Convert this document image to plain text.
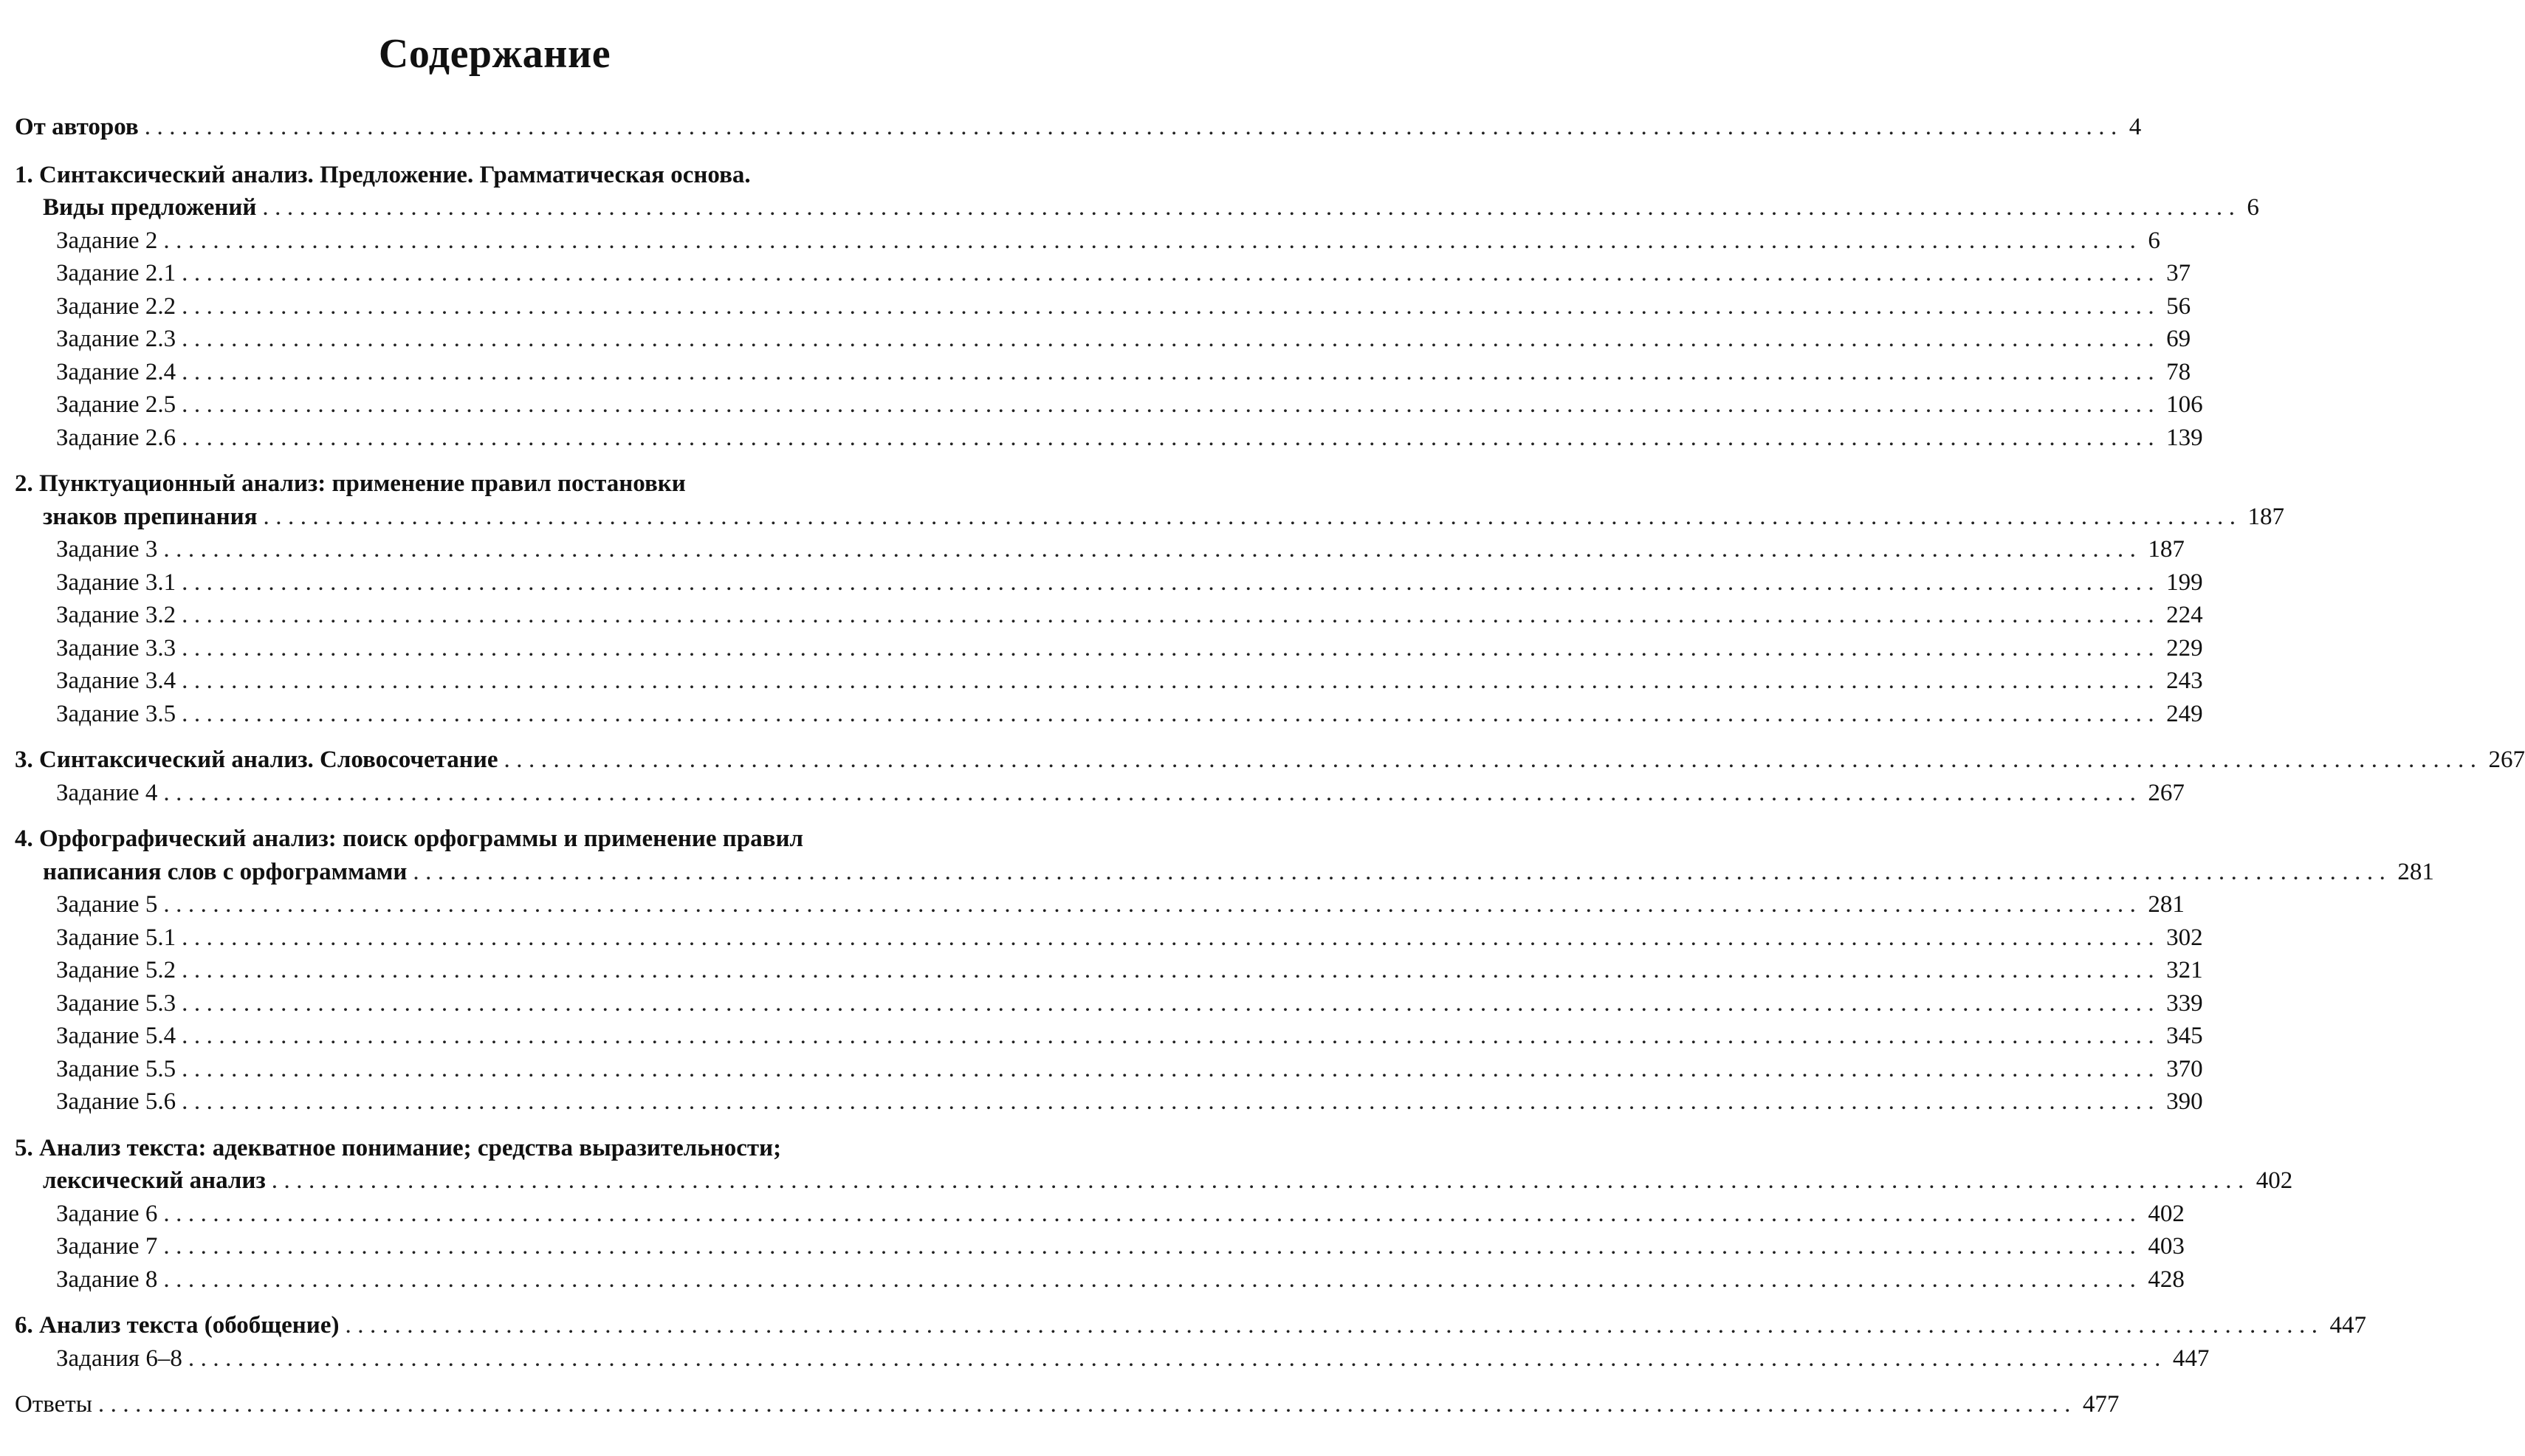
Содержание
От авторов ................................................................................................................................................................ 4
1. Синтаксический анализ. Предложение. Грамматическая основа.
Виды предложений ................................................................................................................................................................ 6
Задание 2 ................................................................................................................................................................ 6
Задание 2.1 ................................................................................................................................................................ 37
Задание 2.2 ................................................................................................................................................................ 56
Задание 2.3 ................................................................................................................................................................ 69
Задание 2.4 ................................................................................................................................................................ 78
Задание 2.5 ................................................................................................................................................................ 106
Задание 2.6 ................................................................................................................................................................ 139
2. Пунктуационный анализ: применение правил постановки
знаков препинания ................................................................................................................................................................ 187
Задание 3 ................................................................................................................................................................ 187
Задание 3.1 ................................................................................................................................................................ 199
Задание 3.2 ................................................................................................................................................................ 224
Задание 3.3 ................................................................................................................................................................ 229
Задание 3.4 ................................................................................................................................................................ 243
Задание 3.5 ................................................................................................................................................................ 249
3. Синтаксический анализ. Словосочетание ................................................................................................................................................................ 267
Задание 4 ................................................................................................................................................................ 267
4. Орфографический анализ: поиск орфограммы и применение правил
написания слов с орфограммами ................................................................................................................................................................ 281
Задание 5 ................................................................................................................................................................ 281
Задание 5.1 ................................................................................................................................................................ 302
Задание 5.2 ................................................................................................................................................................ 321
Задание 5.3 ................................................................................................................................................................ 339
Задание 5.4 ................................................................................................................................................................ 345
Задание 5.5 ................................................................................................................................................................ 370
Задание 5.6 ................................................................................................................................................................ 390
5. Анализ текста: адекватное понимание; средства выразительности;
лексический анализ ................................................................................................................................................................ 402
Задание 6 ................................................................................................................................................................ 402
Задание 7 ................................................................................................................................................................ 403
Задание 8 ................................................................................................................................................................ 428
6. Анализ текста (обобщение) ................................................................................................................................................................ 447
Задания 6–8 ................................................................................................................................................................ 447
Ответы ................................................................................................................................................................ 477
